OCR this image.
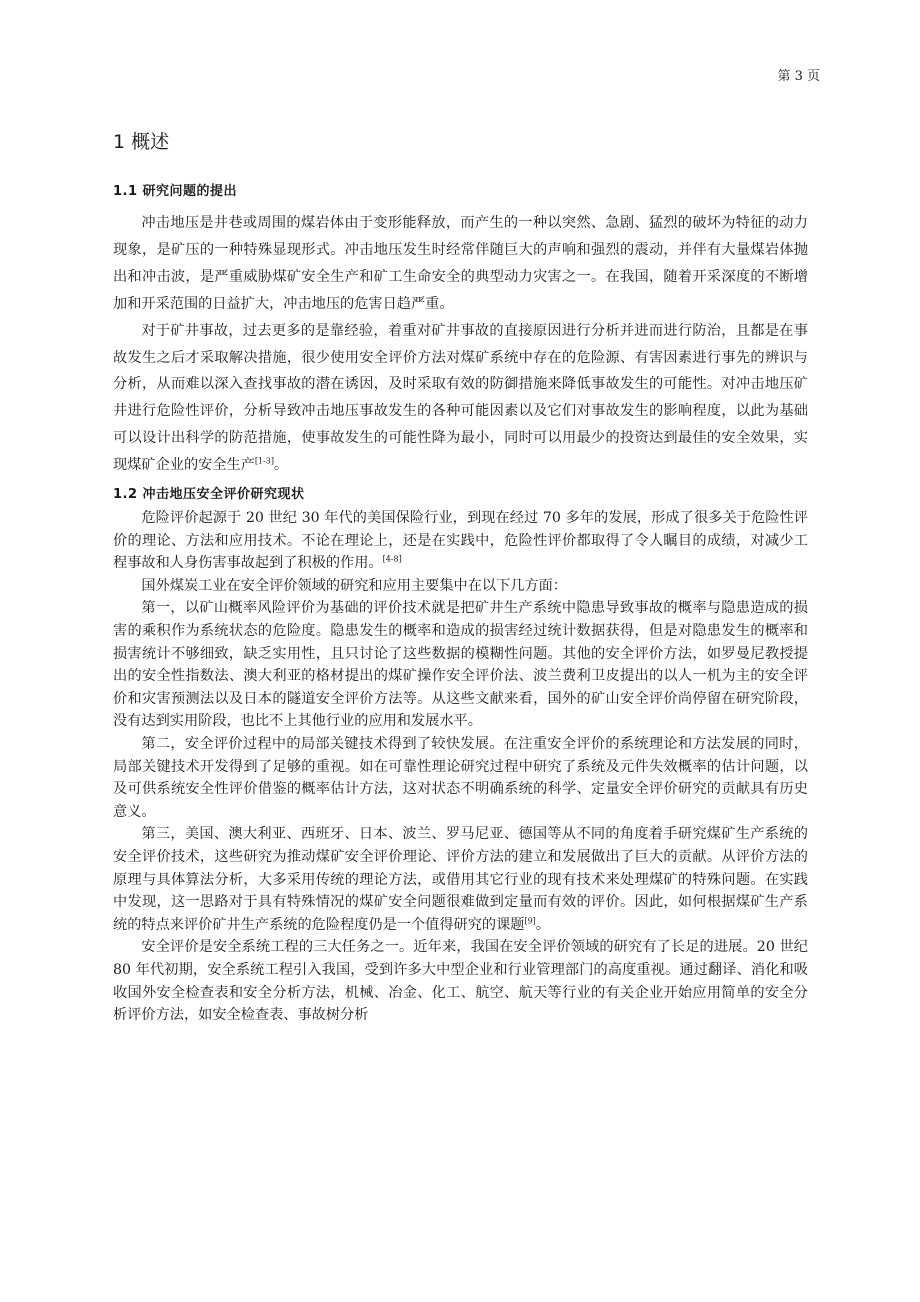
第 3 页
1 概述
1.1 研究问题的提出

冲击地压是井巷或周围的煤岩体由于变形能释放，而产生的一种以突然、急剧、猛烈的破坏为特征的动力现象，是矿压的一种特殊显现形式。冲击地压发生时经常伴随巨大的声响和强烈的震动，并伴有大量煤岩体抛出和冲击波，是严重威胁煤矿安全生产和矿工生命安全的典型动力灾害之一。在我国，随着开采深度的不断增加和开采范围的日益扩大，冲击地压的危害日趋严重。

对于矿井事故，过去更多的是靠经验，着重对矿井事故的直接原因进行分析并进而进行防治，且都是在事故发生之后才采取解决措施，很少使用安全评价方法对煤矿系统中存在的危险源、有害因素进行事先的辨识与分析，从而难以深入查找事故的潜在诱因，及时采取有效的防御措施来降低事故发生的可能性。对冲击地压矿井进行危险性评价，分析导致冲击地压事故发生的各种可能因素以及它们对事故发生的影响程度，以此为基础可以设计出科学的防范措施，使事故发生的可能性降为最小，同时可以用最少的投资达到最佳的安全效果，实现煤矿企业的安全生产[1-3]。

1.2 冲击地压安全评价研究现状

危险评价起源于 20 世纪 30 年代的美国保险行业，到现在经过 70 多年的发展，形成了很多关于危险性评价的理论、方法和应用技术。不论在理论上，还是在实践中，危险性评价都取得了令人瞩目的成绩，对减少工程事故和人身伤害事故起到了积极的作用。[4-8]

国外煤炭工业在安全评价领域的研究和应用主要集中在以下几方面：

第一，以矿山概率风险评价为基础的评价技术就是把矿井生产系统中隐患导致事故的概率与隐患造成的损害的乘积作为系统状态的危险度。隐患发生的概率和造成的损害经过统计数据获得，但是对隐患发生的概率和损害统计不够细致，缺乏实用性，且只讨论了这些数据的模糊性问题。其他的安全评价方法，如罗曼尼教授提出的安全性指数法、澳大利亚的格材提出的煤矿操作安全评价法、波兰费利卫皮提出的以人一机为主的安全评价和灾害预测法以及日本的隧道安全评价方法等。从这些文献来看，国外的矿山安全评价尚停留在研究阶段，没有达到实用阶段，也比不上其他行业的应用和发展水平。

第二，安全评价过程中的局部关键技术得到了较快发展。在注重安全评价的系统理论和方法发展的同时，局部关键技术开发得到了足够的重视。如在可靠性理论研究过程中研究了系统及元件失效概率的估计问题，以及可供系统安全性评价借鉴的概率估计方法，这对状态不明确系统的科学、定量安全评价研究的贡献具有历史意义。

第三，美国、澳大利亚、西班牙、日本、波兰、罗马尼亚、德国等从不同的角度着手研究煤矿生产系统的安全评价技术，这些研究为推动煤矿安全评价理论、评价方法的建立和发展做出了巨大的贡献。从评价方法的原理与具体算法分析，大多采用传统的理论方法，或借用其它行业的现有技术来处理煤矿的特殊问题。在实践中发现，这一思路对于具有特殊情况的煤矿安全问题很难做到定量而有效的评价。因此，如何根据煤矿生产系统的特点来评价矿井生产系统的危险程度仍是一个值得研究的课题[9]。

安全评价是安全系统工程的三大任务之一。近年来，我国在安全评价领域的研究有了长足的进展。20 世纪 80 年代初期，安全系统工程引入我国，受到许多大中型企业和行业管理部门的高度重视。通过翻译、消化和吸收国外安全检查表和安全分析方法，机械、冶金、化工、航空、航天等行业的有关企业开始应用简单的安全分析评价方法，如安全检查表、事故树分析
